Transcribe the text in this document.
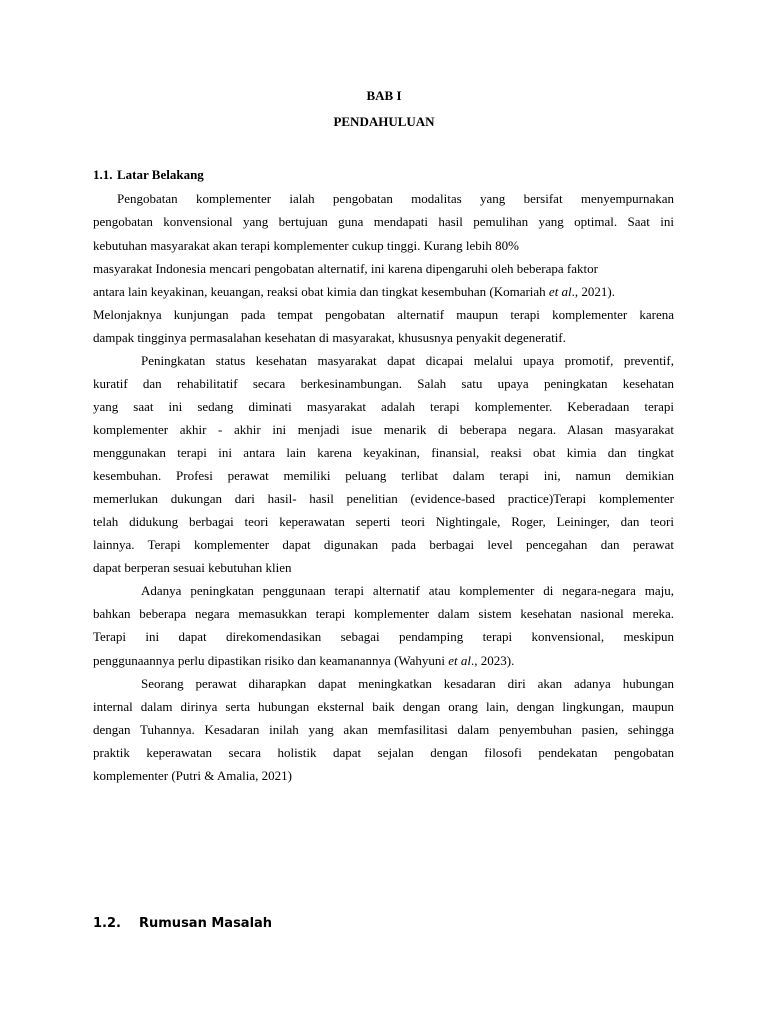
BAB I
PENDAHULUAN
1.1. Latar Belakang
Pengobatan komplementer ialah pengobatan modalitas yang bersifat menyempurnakan
pengobatan konvensional yang bertujuan guna mendapati hasil pemulihan yang optimal. Saat ini
kebutuhan masyarakat akan terapi komplementer cukup tinggi. Kurang lebih 80%
masyarakat Indonesia mencari pengobatan alternatif, ini karena dipengaruhi oleh beberapa faktor
antara lain keyakinan, keuangan, reaksi obat kimia dan tingkat kesembuhan (Komariah et al., 2021).
Melonjaknya kunjungan pada tempat pengobatan alternatif maupun terapi komplementer karena
dampak tingginya permasalahan kesehatan di masyarakat, khususnya penyakit degeneratif.
Peningkatan status kesehatan masyarakat dapat dicapai melalui upaya promotif, preventif,
kuratif dan rehabilitatif secara berkesinambungan. Salah satu upaya peningkatan kesehatan
yang saat ini sedang diminati masyarakat adalah terapi komplementer. Keberadaan terapi
komplementer akhir - akhir ini menjadi isue menarik di beberapa negara. Alasan masyarakat
menggunakan terapi ini antara lain karena keyakinan, finansial, reaksi obat kimia dan tingkat
kesembuhan. Profesi perawat memiliki peluang terlibat dalam terapi ini, namun demikian
memerlukan dukungan dari hasil- hasil penelitian (evidence-based practice)Terapi komplementer
telah didukung berbagai teori keperawatan seperti teori Nightingale, Roger, Leininger, dan teori
lainnya. Terapi komplementer dapat digunakan pada berbagai level pencegahan dan perawat
dapat berperan sesuai kebutuhan klien
Adanya peningkatan penggunaan terapi alternatif atau komplementer di negara-negara maju,
bahkan beberapa negara memasukkan terapi komplementer dalam sistem kesehatan nasional mereka.
Terapi ini dapat direkomendasikan sebagai pendamping terapi konvensional, meskipun
penggunaannya perlu dipastikan risiko dan keamanannya (Wahyuni et al., 2023).
Seorang perawat diharapkan dapat meningkatkan kesadaran diri akan adanya hubungan
internal dalam dirinya serta hubungan eksternal baik dengan orang lain, dengan lingkungan, maupun
dengan Tuhannya. Kesadaran inilah yang akan memfasilitasi dalam penyembuhan pasien, sehingga
praktik keperawatan secara holistik dapat sejalan dengan filosofi pendekatan pengobatan
komplementer (Putri & Amalia, 2021)
1.2. Rumusan Masalah
